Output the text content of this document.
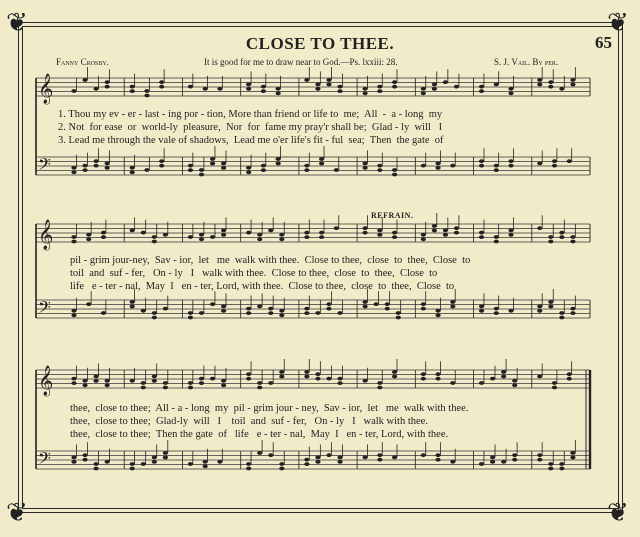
❦	❦
❦	❦
CLOSE TO THEE.	65
Fanny Crosby.	It is good for me to draw near to God.—Ps. lxxiii: 28.	S. J. Vail. By per.
REFRAIN.
𝄞
𝄢
𝄞
𝄢
𝄞
𝄢
1. Thou my ev - er - last - ing por - tion, More than friend or life to  me;  All  -  a - long  my
2. Not  for ease  or  world-ly  pleasure,  Nor  for  fame my pray'r shall be;  Glad - ly  will   I
3. Lead me through the vale of shadows,  Lead me o'er life's fit - ful  sea;  Then  the gate  of
pil - grim jour-ney,  Sav - ior,  let   me  walk with thee.  Close to thee,  close  to  thee,  Close  to
toil  and  suf - fer,   On - ly   I   walk with thee.  Close to thee,  close  to  thee,  Close  to
life   e - ter - nal,  May  I   en - ter, Lord, with thee.  Close to thee,  close  to  thee,  Close  to
thee,  close to thee;  All - a - long  my  pil - grim jour - ney,  Sav - ior,  let   me  walk with thee.
thee,  close to thee;  Glad-ly  will   I    toil  and  suf - fer,   On - ly   I   walk with thee.
thee,  close to thee;  Then the gate  of   life   e - ter - nal,  May  I   en - ter, Lord, with thee.
